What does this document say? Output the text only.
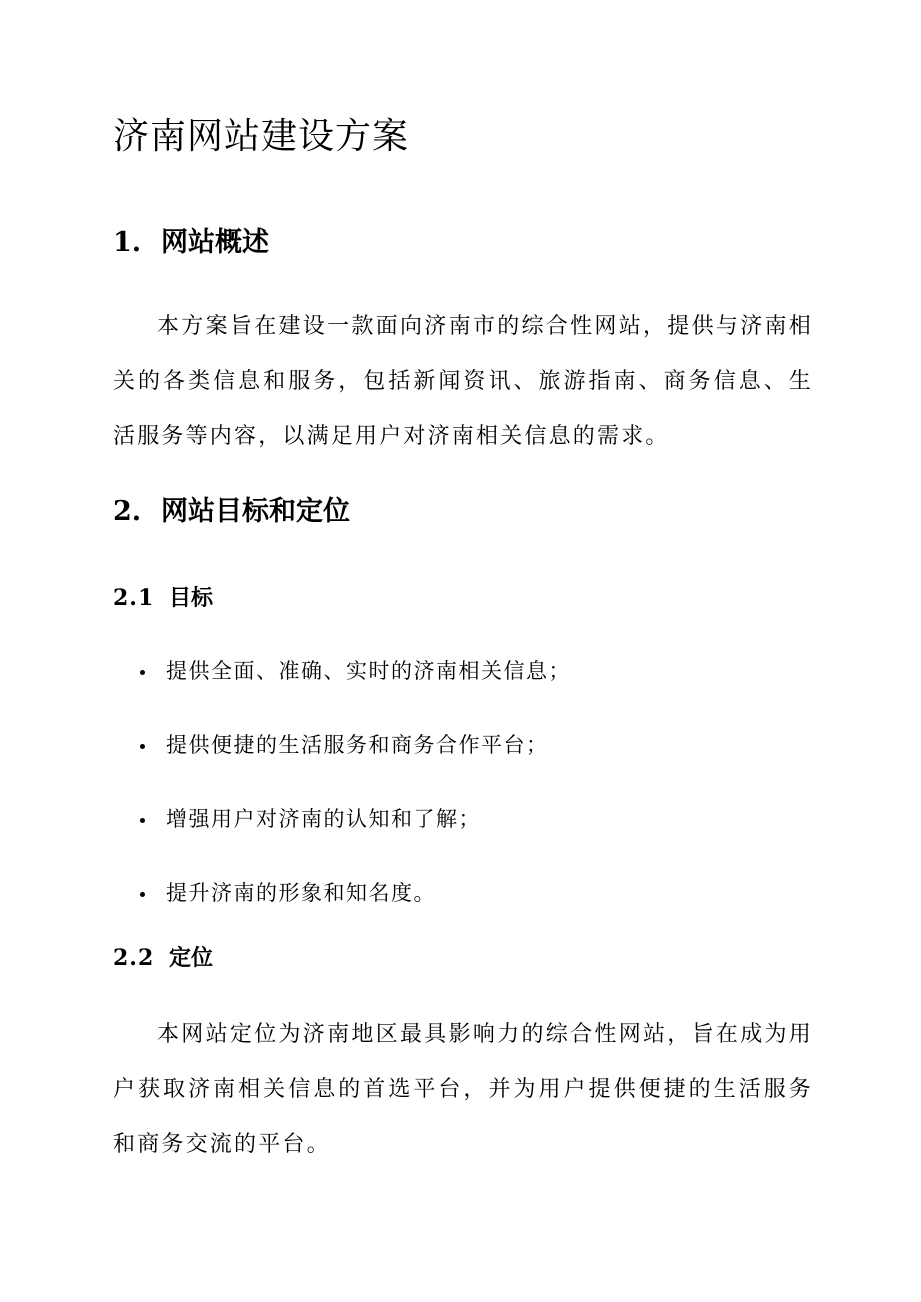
济南网站建设方案
1. 网站概述

本方案旨在建设一款面向济南市的综合性网站，提供与济南相关的各类信息和服务，包括新闻资讯、旅游指南、商务信息、生活服务等内容，以满足用户对济南相关信息的需求。

2. 网站目标和定位
2.1 目标
提供全面、准确、实时的济南相关信息；
提供便捷的生活服务和商务合作平台；
增强用户对济南的认知和了解；
提升济南的形象和知名度。
2.2 定位

本网站定位为济南地区最具影响力的综合性网站，旨在成为用户获取济南相关信息的首选平台，并为用户提供便捷的生活服务和商务交流的平台。
